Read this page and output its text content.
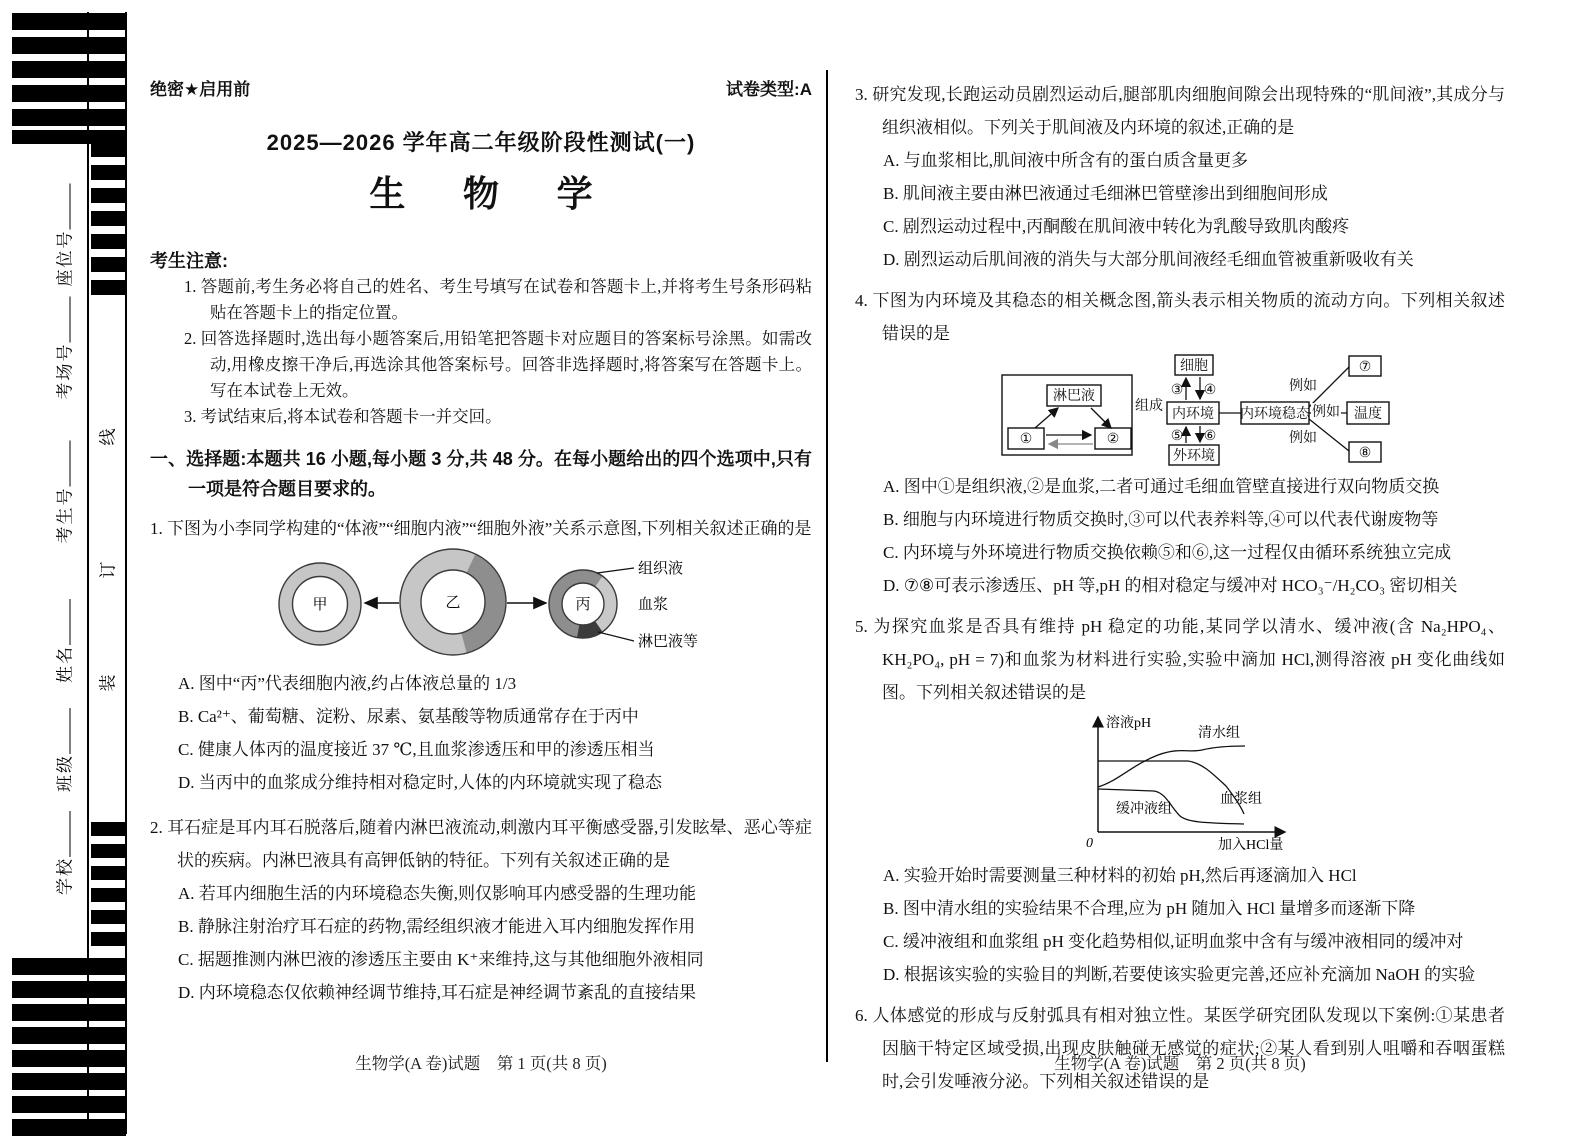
座位号
考场号
考生号
姓名
班级
学校
线
订
装
绝密★启用前	试卷类型:A
2025—2026 学年高二年级阶段性测试(一)
生物学
考生注意:
1. 答题前,考生务必将自己的姓名、考生号填写在试卷和答题卡上,并将考生号条形码粘贴在答题卡上的指定位置。
2. 回答选择题时,选出每小题答案后,用铅笔把答题卡对应题目的答案标号涂黑。如需改动,用橡皮擦干净后,再选涂其他答案标号。回答非选择题时,将答案写在答题卡上。写在本试卷上无效。
3. 考试结束后,将本试卷和答题卡一并交回。
一、选择题:本题共 16 小题,每小题 3 分,共 48 分。在每小题给出的四个选项中,只有一项是符合题目要求的。
1. 下图为小李同学构建的“体液”“细胞内液”“细胞外液”关系示意图,下列相关叙述正确的是
甲	乙	丙
组织液
血浆
淋巴液等
A. 图中“丙”代表细胞内液,约占体液总量的 1/3
B. Ca²⁺、葡萄糖、淀粉、尿素、氨基酸等物质通常存在于丙中
C. 健康人体丙的温度接近 37 ℃,且血浆渗透压和甲的渗透压相当
D. 当丙中的血浆成分维持相对稳定时,人体的内环境就实现了稳态
2. 耳石症是耳内耳石脱落后,随着内淋巴液流动,刺激内耳平衡感受器,引发眩晕、恶心等症状的疾病。内淋巴液具有高钾低钠的特征。下列有关叙述正确的是
A. 若耳内细胞生活的内环境稳态失衡,则仅影响耳内感受器的生理功能
B. 静脉注射治疗耳石症的药物,需经组织液才能进入耳内细胞发挥作用
C. 据题推测内淋巴液的渗透压主要由 K⁺来维持,这与其他细胞外液相同
D. 内环境稳态仅依赖神经调节维持,耳石症是神经调节紊乱的直接结果
生物学(A 卷)试题　第 1 页(共 8 页)
3. 研究发现,长跑运动员剧烈运动后,腿部肌肉细胞间隙会出现特殊的“肌间液”,其成分与组织液相似。下列关于肌间液及内环境的叙述,正确的是
A. 与血浆相比,肌间液中所含有的蛋白质含量更多
B. 肌间液主要由淋巴液通过毛细淋巴管壁渗出到细胞间形成
C. 剧烈运动过程中,丙酮酸在肌间液中转化为乳酸导致肌肉酸疼
D. 剧烈运动后肌间液的消失与大部分肌间液经毛细血管被重新吸收有关
4. 下图为内环境及其稳态的相关概念图,箭头表示相关物质的流动方向。下列相关叙述错误的是
淋巴液
①	②
组成
细胞
内环境
外环境
内环境稳态
⑦
温度
⑧
③ ④
⑤ ⑥
例如
例如
例如
A. 图中①是组织液,②是血浆,二者可通过毛细血管壁直接进行双向物质交换
B. 细胞与内环境进行物质交换时,③可以代表养料等,④可以代表代谢废物等
C. 内环境与外环境进行物质交换依赖⑤和⑥,这一过程仅由循环系统独立完成
D. ⑦⑧可表示渗透压、pH 等,pH 的相对稳定与缓冲对 HCO₃⁻/H₂CO₃ 密切相关
5. 为探究血浆是否具有维持 pH 稳定的功能,某同学以清水、缓冲液(含 Na₂HPO₄、KH₂PO₄, pH = 7)和血浆为材料进行实验,实验中滴加 HCl,测得溶液 pH 变化曲线如图。下列相关叙述错误的是
溶液pH
0	加入HCl量
清水组
血浆组
缓冲液组
A. 实验开始时需要测量三种材料的初始 pH,然后再逐滴加入 HCl
B. 图中清水组的实验结果不合理,应为 pH 随加入 HCl 量增多而逐渐下降
C. 缓冲液组和血浆组 pH 变化趋势相似,证明血浆中含有与缓冲液相同的缓冲对
D. 根据该实验的实验目的判断,若要使该实验更完善,还应补充滴加 NaOH 的实验
6. 人体感觉的形成与反射弧具有相对独立性。某医学研究团队发现以下案例:①某患者因脑干特定区域受损,出现皮肤触碰无感觉的症状;②某人看到别人咀嚼和吞咽蛋糕时,会引发唾液分泌。下列相关叙述错误的是
生物学(A 卷)试题　第 2 页(共 8 页)
